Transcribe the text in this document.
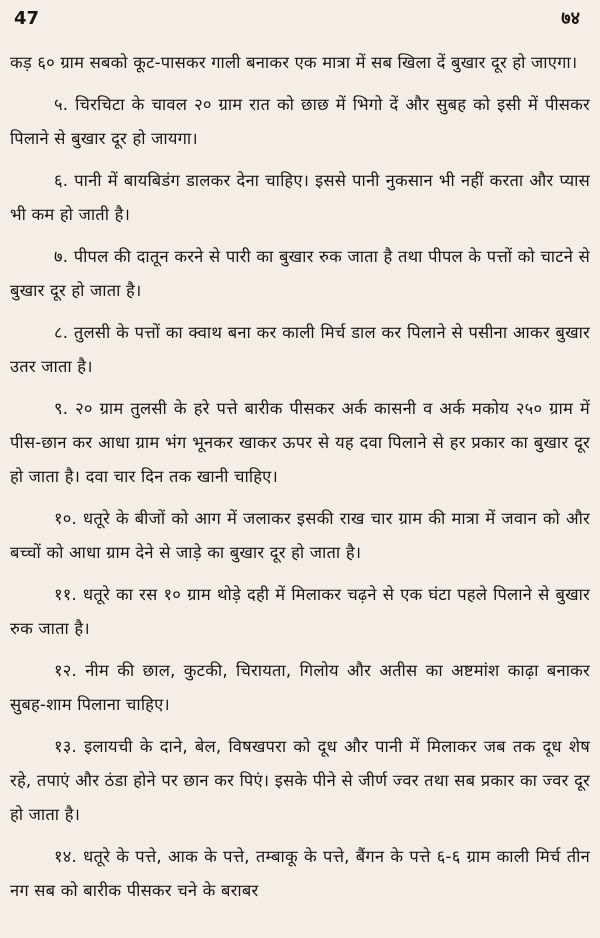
47	७४

कड़ ६० ग्राम सबको कूट-पासकर गाली बनाकर एक मात्रा में सब खिला दें बुखार दूर हो जाएगा।

५. चिरचिटा के चावल २० ग्राम रात को छाछ में भिगो दें और सुबह को इसी में पीसकर पिलाने से बुखार दूर हो जायगा।

६. पानी में बायबिडंग डालकर देना चाहिए। इससे पानी नुकसान भी नहीं करता और प्यास भी कम हो जाती है।

७. पीपल की दातून करने से पारी का बुखार रुक जाता है तथा पीपल के पत्तों को चाटने से बुखार दूर हो जाता है।

८. तुलसी के पत्तों का क्वाथ बना कर काली मिर्च डाल कर पिलाने से पसीना आकर बुखार उतर जाता है।

९. २० ग्राम तुलसी के हरे पत्ते बारीक पीसकर अर्क कासनी व अर्क मकोय २५० ग्राम में पीस-छान कर आधा ग्राम भंग भूनकर खाकर ऊपर से यह दवा पिलाने से हर प्रकार का बुखार दूर हो जाता है। दवा चार दिन तक खानी चाहिए।

१०. धतूरे के बीजों को आग में जलाकर इसकी राख चार ग्राम की मात्रा में जवान को और बच्चों को आधा ग्राम देने से जाड़े का बुखार दूर हो जाता है।

११. धतूरे का रस १० ग्राम थोड़े दही में मिलाकर चढ़ने से एक घंटा पहले पिलाने से बुखार रुक जाता है।

१२. नीम की छाल, कुटकी, चिरायता, गिलोय और अतीस का अष्टमांश काढ़ा बनाकर सुबह-शाम पिलाना चाहिए।

१३. इलायची के दाने, बेल, विषखपरा को दूध और पानी में मिलाकर जब तक दूध शेष रहे, तपाएं और ठंडा होने पर छान कर पिएं। इसके पीने से जीर्ण ज्वर तथा सब प्रकार का ज्वर दूर हो जाता है।

१४. धतूरे के पत्ते, आक के पत्ते, तम्बाकू के पत्ते, बैंगन के पत्ते ६-६ ग्राम काली मिर्च तीन नग सब को बारीक पीसकर चने के बराबर
